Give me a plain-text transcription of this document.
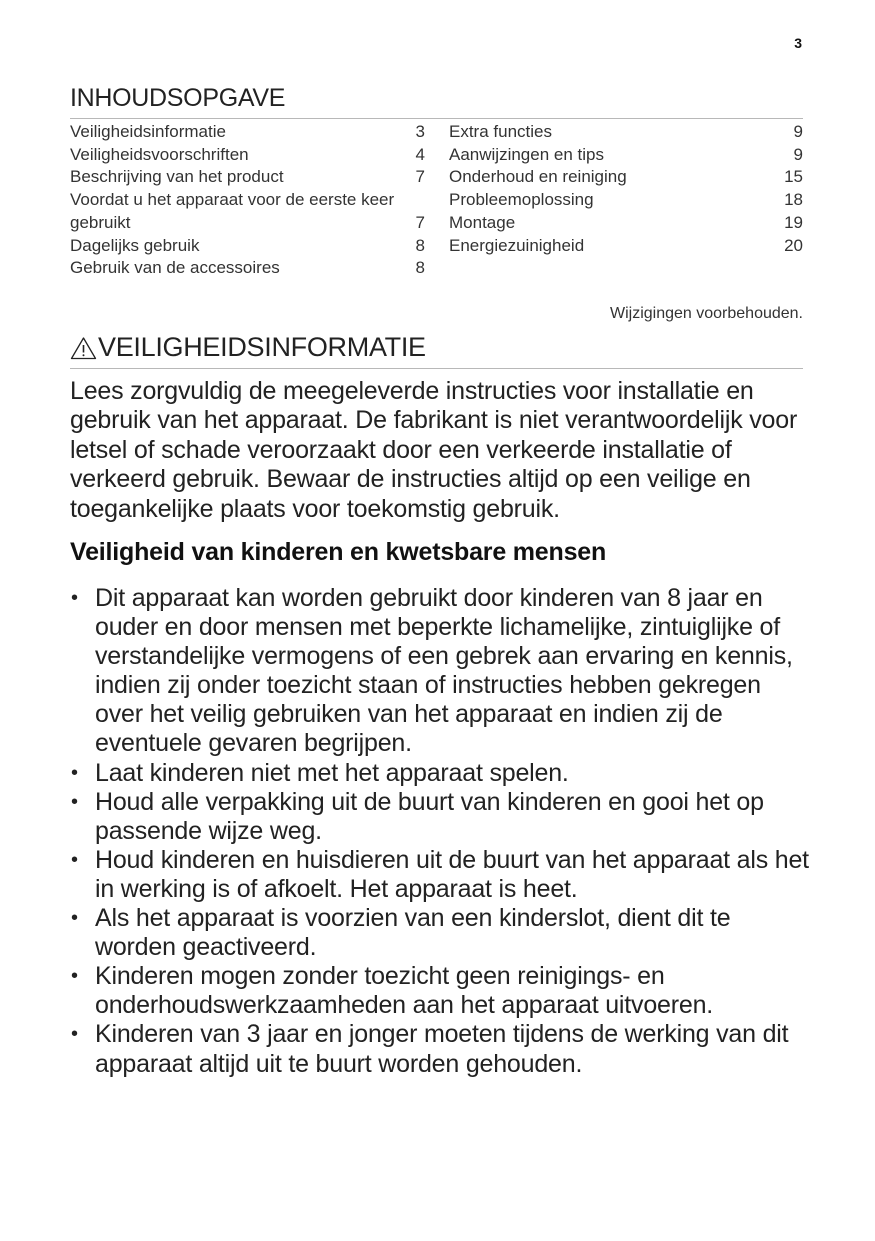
3
INHOUDSOPGAVE
Veiligheidsinformatie	3
Veiligheidsvoorschriften	4
Beschrijving van het product	7
Voordat u het apparaat voor de eerste keer
gebruikt	7
Dagelijks gebruik	8
Gebruik van de accessoires	8
Extra functies	9
Aanwijzingen en tips	9
Onderhoud en reiniging	15
Probleemoplossing	18
Montage	19
Energiezuinigheid	20
Wijzigingen voorbehouden.
VEILIGHEIDSINFORMATIE

Lees zorgvuldig de meegeleverde instructies voor installatie en gebruik van het apparaat. De fabrikant is niet verantwoordelijk voor letsel of schade veroorzaakt door een verkeerde installatie of verkeerd gebruik. Bewaar de instructies altijd op een veilige en toegankelijke plaats voor toekomstig gebruik.

Veiligheid van kinderen en kwetsbare mensen
• Dit apparaat kan worden gebruikt door kinderen van 8 jaar en ouder en door mensen met beperkte lichamelijke, zintuiglijke of verstandelijke vermogens of een gebrek aan ervaring en kennis, indien zij onder toezicht staan of instructies hebben gekregen over het veilig gebruiken van het apparaat en indien zij de eventuele gevaren begrijpen.
• Laat kinderen niet met het apparaat spelen.
• Houd alle verpakking uit de buurt van kinderen en gooi het op passende wijze weg.
• Houd kinderen en huisdieren uit de buurt van het apparaat als het in werking is of afkoelt. Het apparaat is heet.
• Als het apparaat is voorzien van een kinderslot, dient dit te worden geactiveerd.
• Kinderen mogen zonder toezicht geen reinigings- en onderhoudswerkzaamheden aan het apparaat uitvoeren.
• Kinderen van 3 jaar en jonger moeten tijdens de werking van dit apparaat altijd uit te buurt worden gehouden.
